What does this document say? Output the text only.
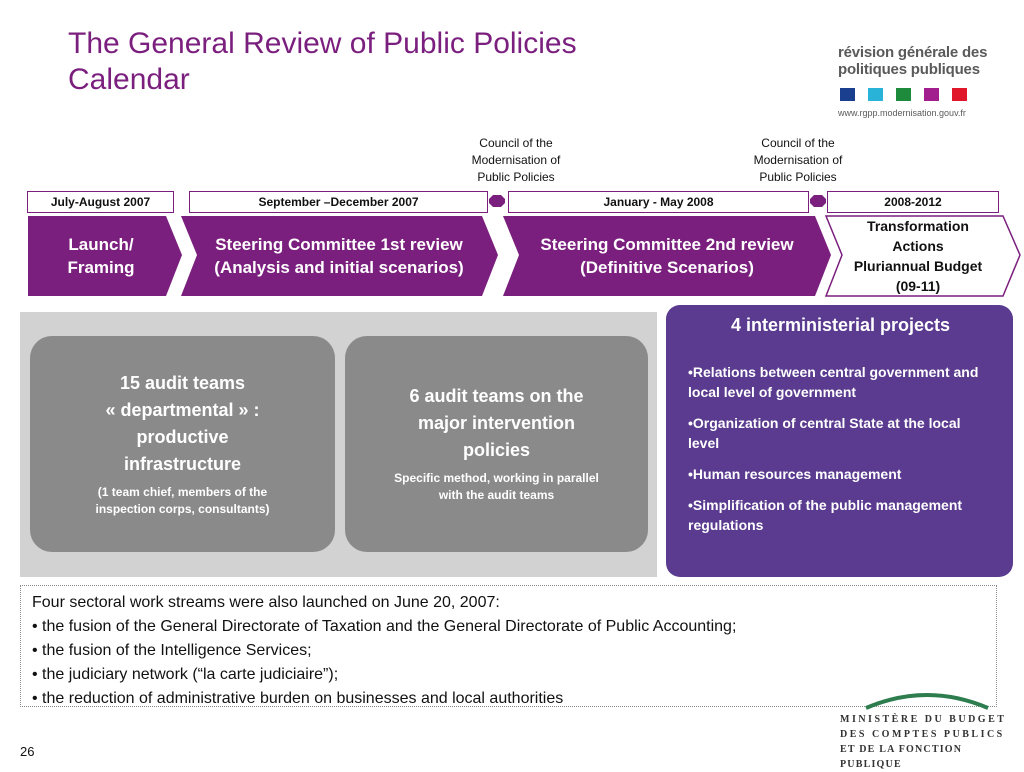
The General Review of Public Policies
Calendar
révision générale des
politiques publiques
www.rgpp.modernisation.gouv.fr
Council of the
Modernisation of
Public Policies
Council of the
Modernisation of
Public Policies
July-August 2007	September –December 2007	January - May 2008	2008-2012
Launch/
Framing
Steering Committee 1st review
(Analysis and initial scenarios)
Steering Committee 2nd review
(Definitive Scenarios)
Transformation
Actions
Pluriannual Budget
(09-11)
15 audit teams
« departmental » :
productive
infrastructure
(1 team chief, members of the
inspection corps, consultants)
6 audit teams on the
major intervention
policies
Specific method, working in parallel
with the audit teams
4 interministerial projects
•Relations between central government and local level of government
•Organization of central State at the local level
•Human resources management
•Simplification of the public management regulations
Four sectoral work streams were also launched on June 20, 2007:
• the fusion of the General Directorate of Taxation and the General Directorate of Public Accounting;
• the fusion of the Intelligence Services;
• the judiciary network (“la carte judiciaire”);
• the reduction of administrative burden on businesses and local authorities
26
MINISTÈRE DU BUDGET
DES COMPTES PUBLICS
ET DE LA FONCTION PUBLIQUE
